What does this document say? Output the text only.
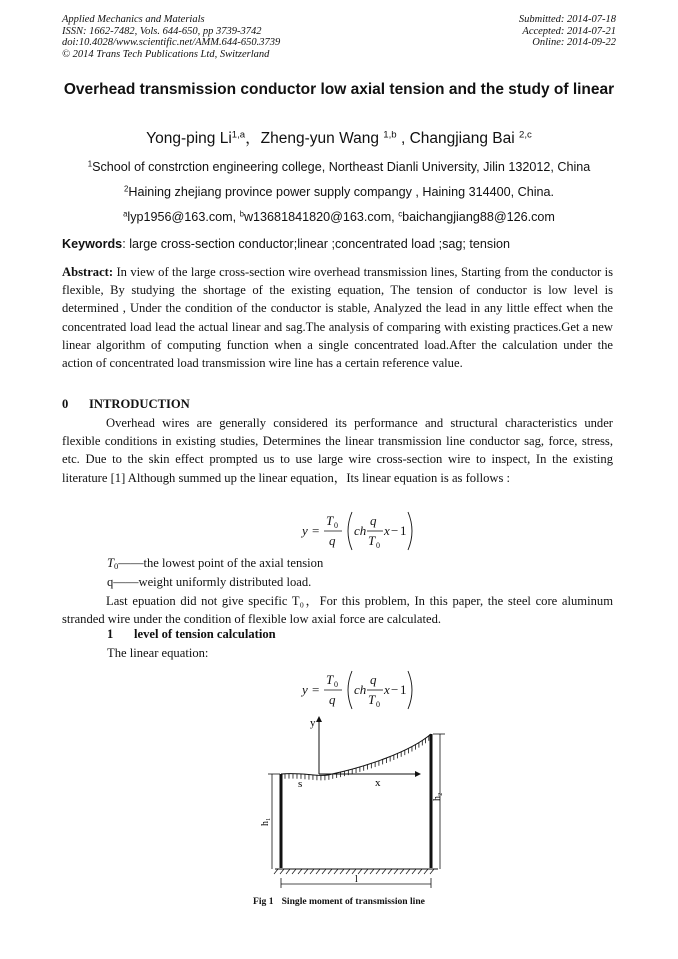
Applied Mechanics and Materials
ISSN: 1662-7482, Vols. 644-650, pp 3739-3742
doi:10.4028/www.scientific.net/AMM.644-650.3739
© 2014 Trans Tech Publications Ltd, Switzerland
Submitted: 2014-07-18
Accepted: 2014-07-21
Online: 2014-09-22
Overhead transmission conductor low axial tension and the study of linear
Yong-ping Li$^{1,a}$，Zheng-yun Wang $^{1,b}$ , Changjiang Bai $^{2,c}$
$^1$School of constrction engineering college, Northeast Dianli University, Jilin 132012, China
$^2$Haining zhejiang province power supply compangy , Haining 314400, China.
$^a$lyp1956@163.com, $^b$w13681841820@163.com, $^c$baichangjiang88@126.com
Keywords: large cross-section conductor;linear ;concentrated load ;sag; tension
Abstract: In view of the large cross-section wire overhead transmission lines, Starting from the conductor is flexible, By studying the shortage of the existing equation, The tension of conductor is low level is determined , Under the condition of the conductor is stable, Analyzed the lead in any little effect when the concentrated load lead the actual linear and sag.The analysis of comparing with existing practices.Get a new linear algorithm of computing function when a single concentrated load.After the calculation under the action of concentrated load transmission wire line has a certain reference value.
0 INTRODUCTION
Overhead wires are generally considered its performance and structural characteristics under flexible conditions in existing studies, Determines the linear transmission line conductor sag, force, stress, etc. Due to the skin effect prompted us to use large wire cross-section wire to inspect, In the existing literature [1] Although summed up the linear equation，Its linear equation is as follows :
y =
T 0
q
ch
q
T 0
x − 1
$T_0——the$ lowest point of the axial tension
q——weight uniformly distributed load.
Last epuation did not give specific T₀，For this problem, In this paper, the steel core aluminum stranded wire under the condition of flexible low axial force are calculated.
1 level of tension calculation
The linear equation:
y =
T 0
q
ch
q
T 0
x − 1
y
x
s
h₁
h₂
l
Fig 1 Single moment of transmission line
